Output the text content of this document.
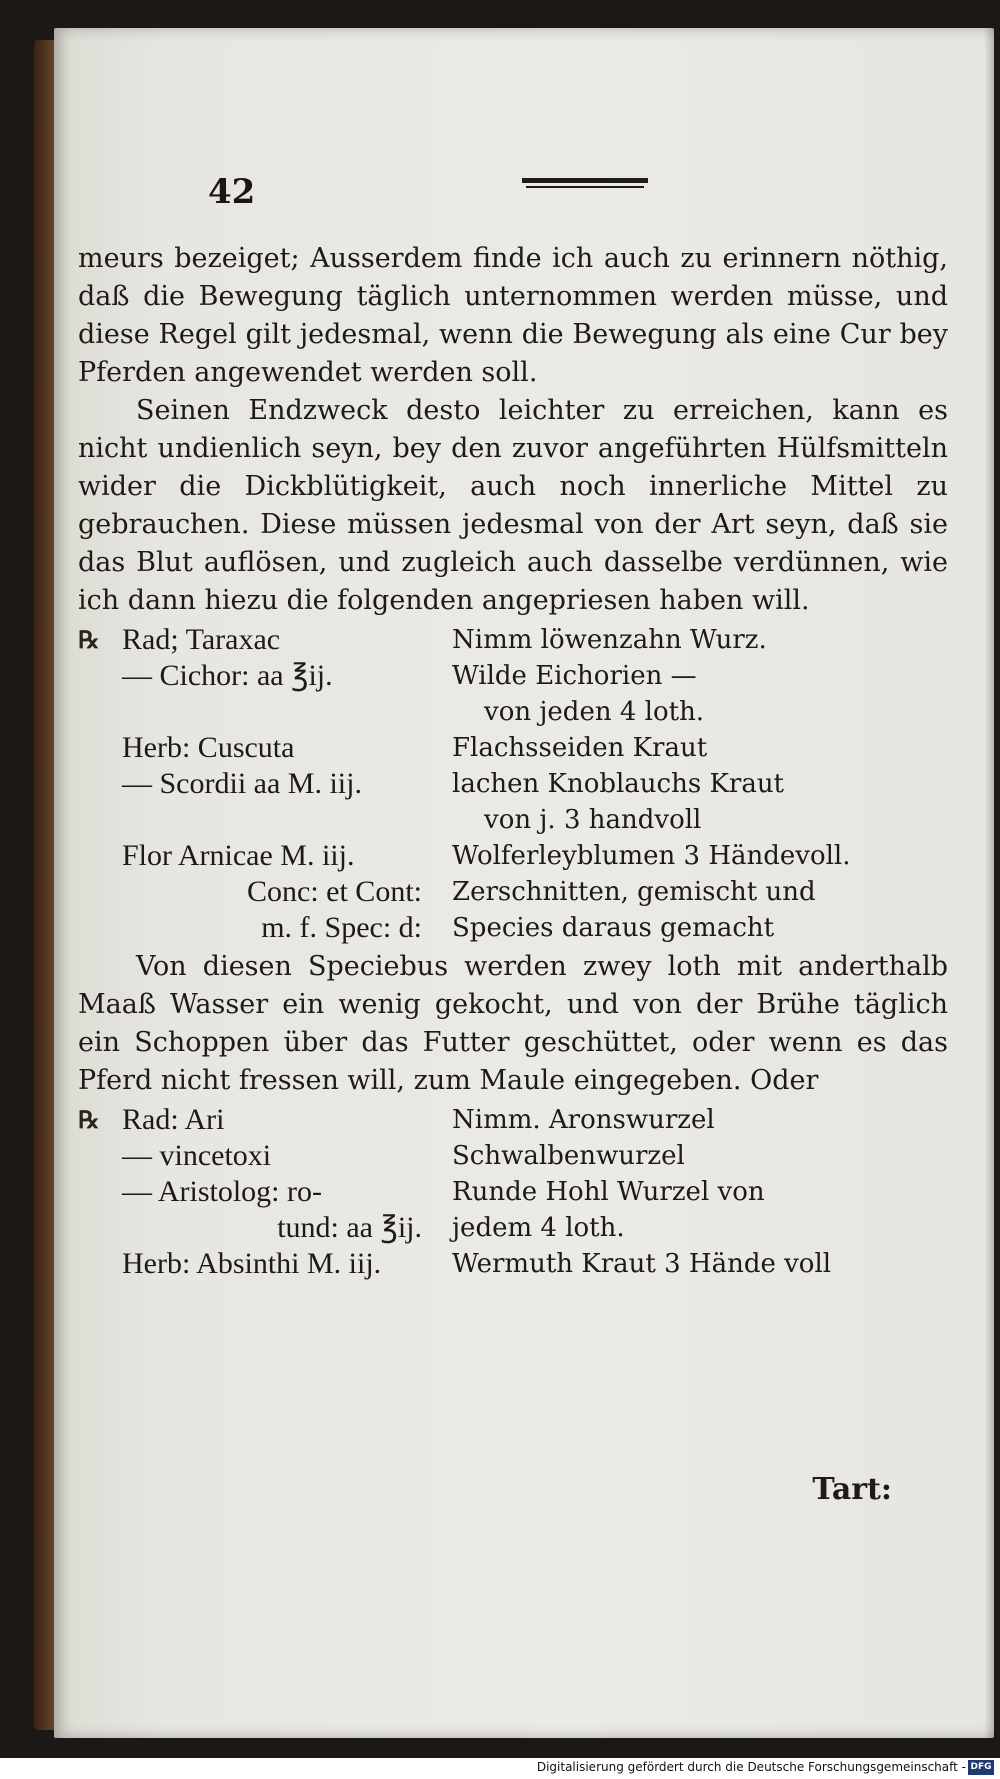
42

meurs bezeiget; Ausserdem finde ich auch zu erinnern nöthig, daß die Bewegung täglich unternommen werden müsse, und diese Regel gilt jedesmal, wenn die Bewegung als eine Cur bey Pferden angewendet werden soll.

Seinen Endzweck desto leichter zu erreichen, kann es nicht undienlich seyn, bey den zuvor angeführten Hülfsmitteln wider die Dickblütigkeit, auch noch innerliche Mittel zu gebrauchen. Diese müssen jedesmal von der Art seyn, daß sie das Blut auflösen, und zugleich auch dasselbe verdünnen, wie ich dann hiezu die folgenden angepriesen haben will.

℞ Rad; Taraxac	Nimm löwenzahn Wurz.
— Cichor: aa ℥ij.	Wilde Eichorien —
von jeden 4 loth.
Herb: Cuscuta	Flachsseiden Kraut
— Scordii aa M. iij.	lachen Knoblauchs Kraut
von j. 3 handvoll
Flor Arnicae M. iij.	Wolferleyblumen 3 Händevoll.
Conc: et Cont:	Zerschnitten, gemischt und
m. f. Spec: d:	Species daraus gemacht

Von diesen Speciebus werden zwey loth mit anderthalb Maaß Wasser ein wenig gekocht, und von der Brühe täglich ein Schoppen über das Futter geschüttet, oder wenn es das Pferd nicht fressen will, zum Maule eingegeben. Oder

℞ Rad: Ari	Nimm. Aronswurzel
— vincetoxi	Schwalbenwurzel
— Aristolog: ro-	Runde Hohl Wurzel von
tund: aa ℥ij.	jedem 4 loth.
Herb: Absinthi M. iij.	Wermuth Kraut 3 Hände voll
Tart:
Digitalisierung gefördert durch die Deutsche Forschungsgemeinschaft - DFG
